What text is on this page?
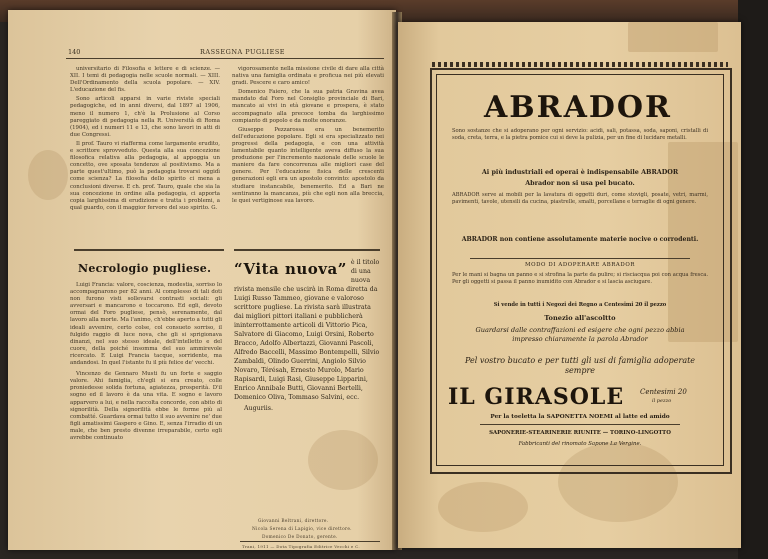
140	RASSEGNA PUGLIESE

universitario di Filosofia e lettere e di scienze. — XII. I temi di pedagogia nelle scuole normali. — XIII. Dell'Ordinamento della scuola popolare. — XIV. L'educazione del fis.

Sono articoli apparsi in varie riviste speciali pedagogiche, ed in anni diversi, dal 1897 al 1906, meno il numero 1, ch'è la Prolusione al Corso pareggiato di pedagogia nella R. Università di Roma (1904), ed i numeri 11 e 13, che sono lavori in atti di due Congressi.

Il prof. Tauro vi riafferma come largamente erudito, e scrittore sprovveduto. Questa alla sua concezione filosofica relativa alla pedagogia, al appoggia un concetto, ove sposata tendenze al positivismo. Ma a parte quest'ultimo, può la pedagogia trovarsi oggidì come scienza? La filosofia dello spirito ci mena a conclusioni diverse. E ch. prof. Tauro, quale che sia la sua concezione in ordine alla pedagogia, ci apporta copia larghissima di erudizione e tratta i problemi, a qual guardo, con il maggior fervore del suo spirito. G.

vigorosamente nella missione civile di dare alla città nativa una famiglia ordinata e proficua nei più elevati gradi. Pescere e caro amico!

Domenico Faiero, che la sua patria Gravina avea mandato dal Foro nel Consiglio provinciale di Bari, mancato ai vivi in età giovane e prospera, è stato accompagnato alla precoce tomba da larghissimo compianto di popolo e da molte onoranze.

Giuseppe Pezzarossa era un benemerito dell'educazione popolare. Egli si era specializzato nei progressi della pedagogia, e con una attività lamentabile quanto intelligente aveva diffuso la sua produzione per l'incremento nazionale delle scuole le maniere da fare concorrenza alle migliori case del genere. Per l'educazione fisica delle crescenti generazioni egli era un apostolo convinto: apostolo da studiare instancabile, benemerito. Ed a Bari ne sentiranno la mancanza, più che egli non alla breccia, le quei vertiginose sua lavoro.

Necrologio pugliese.

Luigi Francia: valore, coscienza, modestia, sorriso lo accompagnarono per 82 anni. Al complesso di tali doti non furono visti sollevarsi contrasti sociali: gli avversari e mancarono e toccarono. Ed egli, devoto ormai del Foro pugliese, pensò, serenamente, dal lavoro alla morte. Ma l'animo, ch'ebbe aperto a tutti gli ideali avvenire, certo colse, col consueto sorriso, il fulgido raggio di luce nova, che gli si sprigionava dinanzi, nel suo stesso ideale, dell'intelletto e del cuore, della poiché insomma del suo ammirevole ricercato. E Luigi Francia tacque, sorridente, ma andandosi. In quel l'istante fu il più felice de' vecchi.

Vincenzo de Gennaro Musti fu un forte e saggio valore. Ahi famiglia, ch'egli si era creato, colle proniedesse solida fortuna, agiatezza, prosperità. D'il sogno ed il lavoro è da una vita. E sogno e lavoro apparvero a lui, e nella raccolta concorde, con abito di signorilità. Della signorilità ebbe le forme più al combatté. Guardava ormai tutto il suo avvenire ne' due figli amatissimi Gaspero e Gino. E, senza l'irradio di un male, che ben presto divenne irreparabile, certo egli avrebbe continuato

“Vita nuova” è il titolo di una nuova rivista mensile che uscirà in Roma diretta da Luigi Russo Tammeo, giovane e valoroso scrittore pugliese. La rivista sarà illustrata dai migliori pittori italiani e pubblicherà ininterrottamente articoli di Vittorio Pica, Salvatore di Giacomo, Luigi Orsini, Roberto Bracco, Adolfo Albertazzi, Giovanni Pascoli, Alfredo Baccelli, Massimo Bontempelli, Silvio Zambaldi, Olindo Guerrini, Angiolo Silvio Novaro, Térésah, Ernesto Murolo, Mario Rapisardi, Luigi Rasi, Giuseppe Lipparini, Enrico Annibale Butti, Giovanni Bertelli, Domenico Oliva, Tommaso Salvini, ecc.
Auguriis.
Giovanni Beltrani, direttore.
Nicola Serena di Lapigio, vice direttore.
Domenico De Donato, gerente.
Trani, 1911 — Dota Tipografia Editrice Vecchi e C.
ABRADOR
Sono sostanze che si adoperano per ogni servizio: acidi, sali, potassa, soda, saponi, cristalli di soda, creta, terra, e la pietra pomice cui si deve la pulizia, per un fine di lucidare metalli.
Ai più industriali ed operai è indispensabile ABRADOR
Abrador non si usa pel bucato.
ABRADOR serve ai mobili per la lavatura di oggetti duri, come stovigli, posate, vetri, marmi, pavimenti, tavole, utensili da cucina, piastrelle, smalti, porcellane e terraglie di ogni genere.
ABRADOR non contiene assolutamente materie nocive o corrodenti.
MODO DI ADOPERARE ABRADOR
Per le mani si bagna un panno e si strofina la parte da pulire; si risciacqua poi con acqua fresca. Per gli oggetti si passa il panno inumidito con Abrador e si lascia asciugare.
Si vende in tutti i Negozi dei Regno a Centesimi 20 il pezzo
Tonezio all'ascoltto
Guardarsi dalle contraffazioni ed esigere che ogni pezzo abbia impresso chiaramente la parola Abrador
Pel vostro bucato e per tutti gli usi di famiglia adoperate sempre
IL GIRASOLE Centesimi 20
il pezzo
Per la toeletta la SAPONETTA NOEMI al latte ed amido
SAPONERIE-STEARINERIE RIUNITE — TORINO-LINGOTTO
Fabbricanti del rinomato Sapone La Vergine.
